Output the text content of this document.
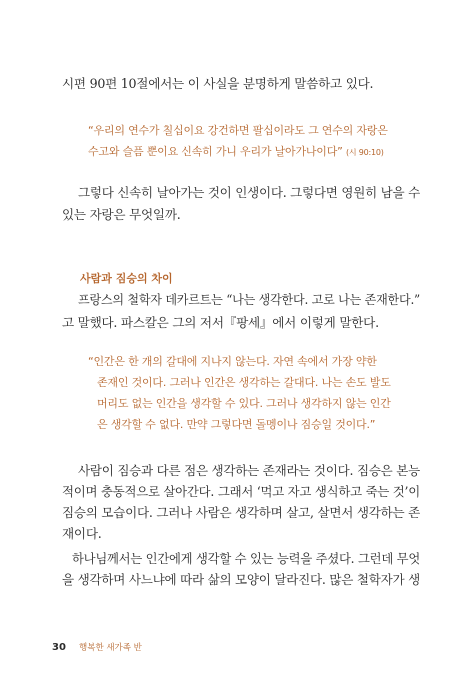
시편 90편 10절에서는 이 사실을 분명하게 말씀하고 있다.
“우리의 연수가 칠십이요 강건하면 팔십이라도 그 연수의 자랑은
수고와 슬픔 뿐이요 신속히 가니 우리가 날아가나이다” (시 90:10)
그렇다 신속히 날아가는 것이 인생이다. 그렇다면 영원히 남을 수
있는 자랑은 무엇일까.
사람과 짐승의 차이
프랑스의 철학자 데카르트는 “나는 생각한다. 고로 나는 존재한다.”
고 말했다. 파스칼은 그의 저서『팡세』에서 이렇게 말한다.
“인간은 한 개의 갈대에 지나지 않는다. 자연 속에서 가장 약한
존재인 것이다. 그러나 인간은 생각하는 갈대다. 나는 손도 발도
머리도 없는 인간을 생각할 수 있다. 그러나 생각하지 않는 인간
은 생각할 수 없다. 만약 그렇다면 돌멩이나 짐승일 것이다.”
사람이 짐승과 다른 점은 생각하는 존재라는 것이다. 짐승은 본능
적이며 충동적으로 살아간다. 그래서 ‘먹고 자고 생식하고 죽는 것’이
짐승의 모습이다. 그러나 사람은 생각하며 살고, 살면서 생각하는 존
재이다.
하나님께서는 인간에게 생각할 수 있는 능력을 주셨다. 그런데 무엇
을 생각하며 사느냐에 따라 삶의 모양이 달라진다. 많은 철학자가 생
30 행복한 새가족 반
